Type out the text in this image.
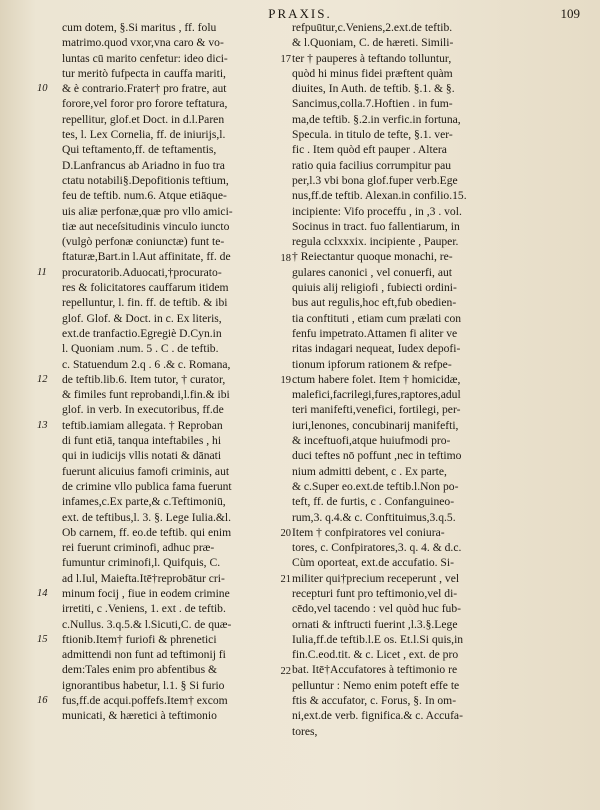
PRAXIS.	109
cum dotem, §.Si maritus , ff. folu
matrimo.quod vxor,vna caro & vo-
luntas cū marito cenfetur: ideo dici-
tur meritò fufpecta in cauffa mariti,
& è contrario.Frater† pro fratre, aut
fororе,vel foror pro fororе teftatura,
repellitur, glof.et Doct. in d.l.Paren
tes, l. Lex Cornelia, ff. de iniurijs,l.
Qui teftamento,ff. de teftamentis,
D.Lanfrancus ab Ariadno in fuo tra
ctatu notabili§.Depofitionis teftium,
feu de teftib. num.6. Atque etiāque-
uis aliæ perfonæ,quæ pro vllo amici-
tiæ aut neceſsitudinis vinculo iunctо
(vulgò perfonæ coniunctæ) funt te-
ftaturæ,Bart.in l.Aut affinitate, ff. de
procuratorib.Aduocati,†procurato-
res & folicitatores cauffarum itidem
repelluntur, l. fin. ff. de teftib. & ibi
glof. Glof. & Doct. in c. Ex literis,
ext.de tranfactio.Egregiè D.Cyn.in
l. Quoniam .num. 5 . C . de teftib.
c. Statuendum 2.q . 6 .& c. Romana,
de teftib.lib.6. Item tutor, † curator,
& fimiles funt reprobandi,l.fin.& ibi
glof. in verb. In executoribus, ff.de
teftib.iamiam allegata. † Reproban
di funt etiā, tanqua inteftabiles , hi
qui in iudicijs vllis notati & dānati
fuerunt alicuius famofi criminis, aut
de crimine vllo publica fama fuerunt
infames,c.Ex parte,& c.Teftimoniū,
ext. de teftibus,l. 3. §. Lege Iulia.&l.
Ob carnem, ff. eo.de teftib. qui enim
rei fuerunt criminofi, adhuc præ-
fumuntur criminofi,l. Quifquis, C.
ad l.Iul, Maiefta.Itē†reprobātur cri-
minum focij , fiue in eodem crimine
irretiti, c .Veniens, 1. ext . de teftib.
c.Nullus. 3.q.5.& l.Sicuti,C. de quæ-
ftionib.Item† furiofi & phrenetici
admittendi non funt ad teftimonij fi
dem:Tales enim pro abfentibus &
ignorantibus habetur, l.1. § Si furio
fus,ff.de acqui.poffefs.Item† excom
municati, & hæretici à teftimonio
refpuūtur,c.Veniens,2.ext.de teftib.
& l.Quoniam, C. de hæreti. Simili-
ter † pauperes à teftando tolluntur,
quòd hi minus fidei præftent quàm
diuites, In Auth. de teftib. §.1. & §.
Sancimus,colla.7.Hoftien . in fum-
ma,de teftib. §.2.in verfic.in fortuna,
Specula. in titulo de tefte, §.1. ver-
fic . Item quòd eft pauper . Altera
ratio quia facilius corrumpitur pau
per,l.3 vbi bona glof.fuper verb.Ege
nus,ff.de teftib. Alexan.in confilio.15.
incipiente: Vifo proceffu , in ,3 . vol.
Socinus in tract. fuo fallentiarum, in
regula cclxxxix. incipiente , Pauper.
† Reiectantur quoque monachi, re-
gulares canonici , vel conuerfi, aut
quiuis alij religiofi , fubiecti ordini-
bus aut regulis,hoc eft,fub obedien-
tia conftituti , etiam cum prælati con
fenfu impetrato.Attamen fi aliter ve
ritas indagari nequeat, Iudex depofi-
tionum ipforum rationem & refpe-
ctum habere folet. Item † homicidæ,
malefici,facrilegi,fures,raptores,adul
teri manifefti,venefici, fortilegi, per-
iuri,lenones, concubinarij manifefti,
& inceftuofi,atque huiufmodi pro-
duci teftes nō poffunt ,nec in teftimo
nium admitti debent, c . Ex parte,
& c.Super eo.ext.de teftib.l.Non po-
teft, ff. de furtis, c . Confanguineo-
rum,3. q.4.& c. Conftituimus,3.q.5.
Item † confpiratores vel coniura-
tores, c. Confpiratores,3. q. 4. & d.c.
Cùm oporteat, ext.de accufatio. Si-
militer qui†precium receperunt , vel
recepturi funt pro teftimonio,vel di-
cēdo,vel tacendo : vel quòd huc fub-
ornati & inftructi fuerint ,l.3.§.Lege
Iulia,ff.de teftib.l.E os. Et.l.Si quis,in
fin.C.eod.tit. & c. Licet , ext. de pro
bat. Itē†Accufatores à teftimonio re
pelluntur : Nemo enim poteft effe te
ftis & accufator, c. Forus, §. In om-
ni,ext.de verb. fignifica.& c. Accufa-
tores,
17
18
19
20
21
22
10
11
12
13
14
15
16
